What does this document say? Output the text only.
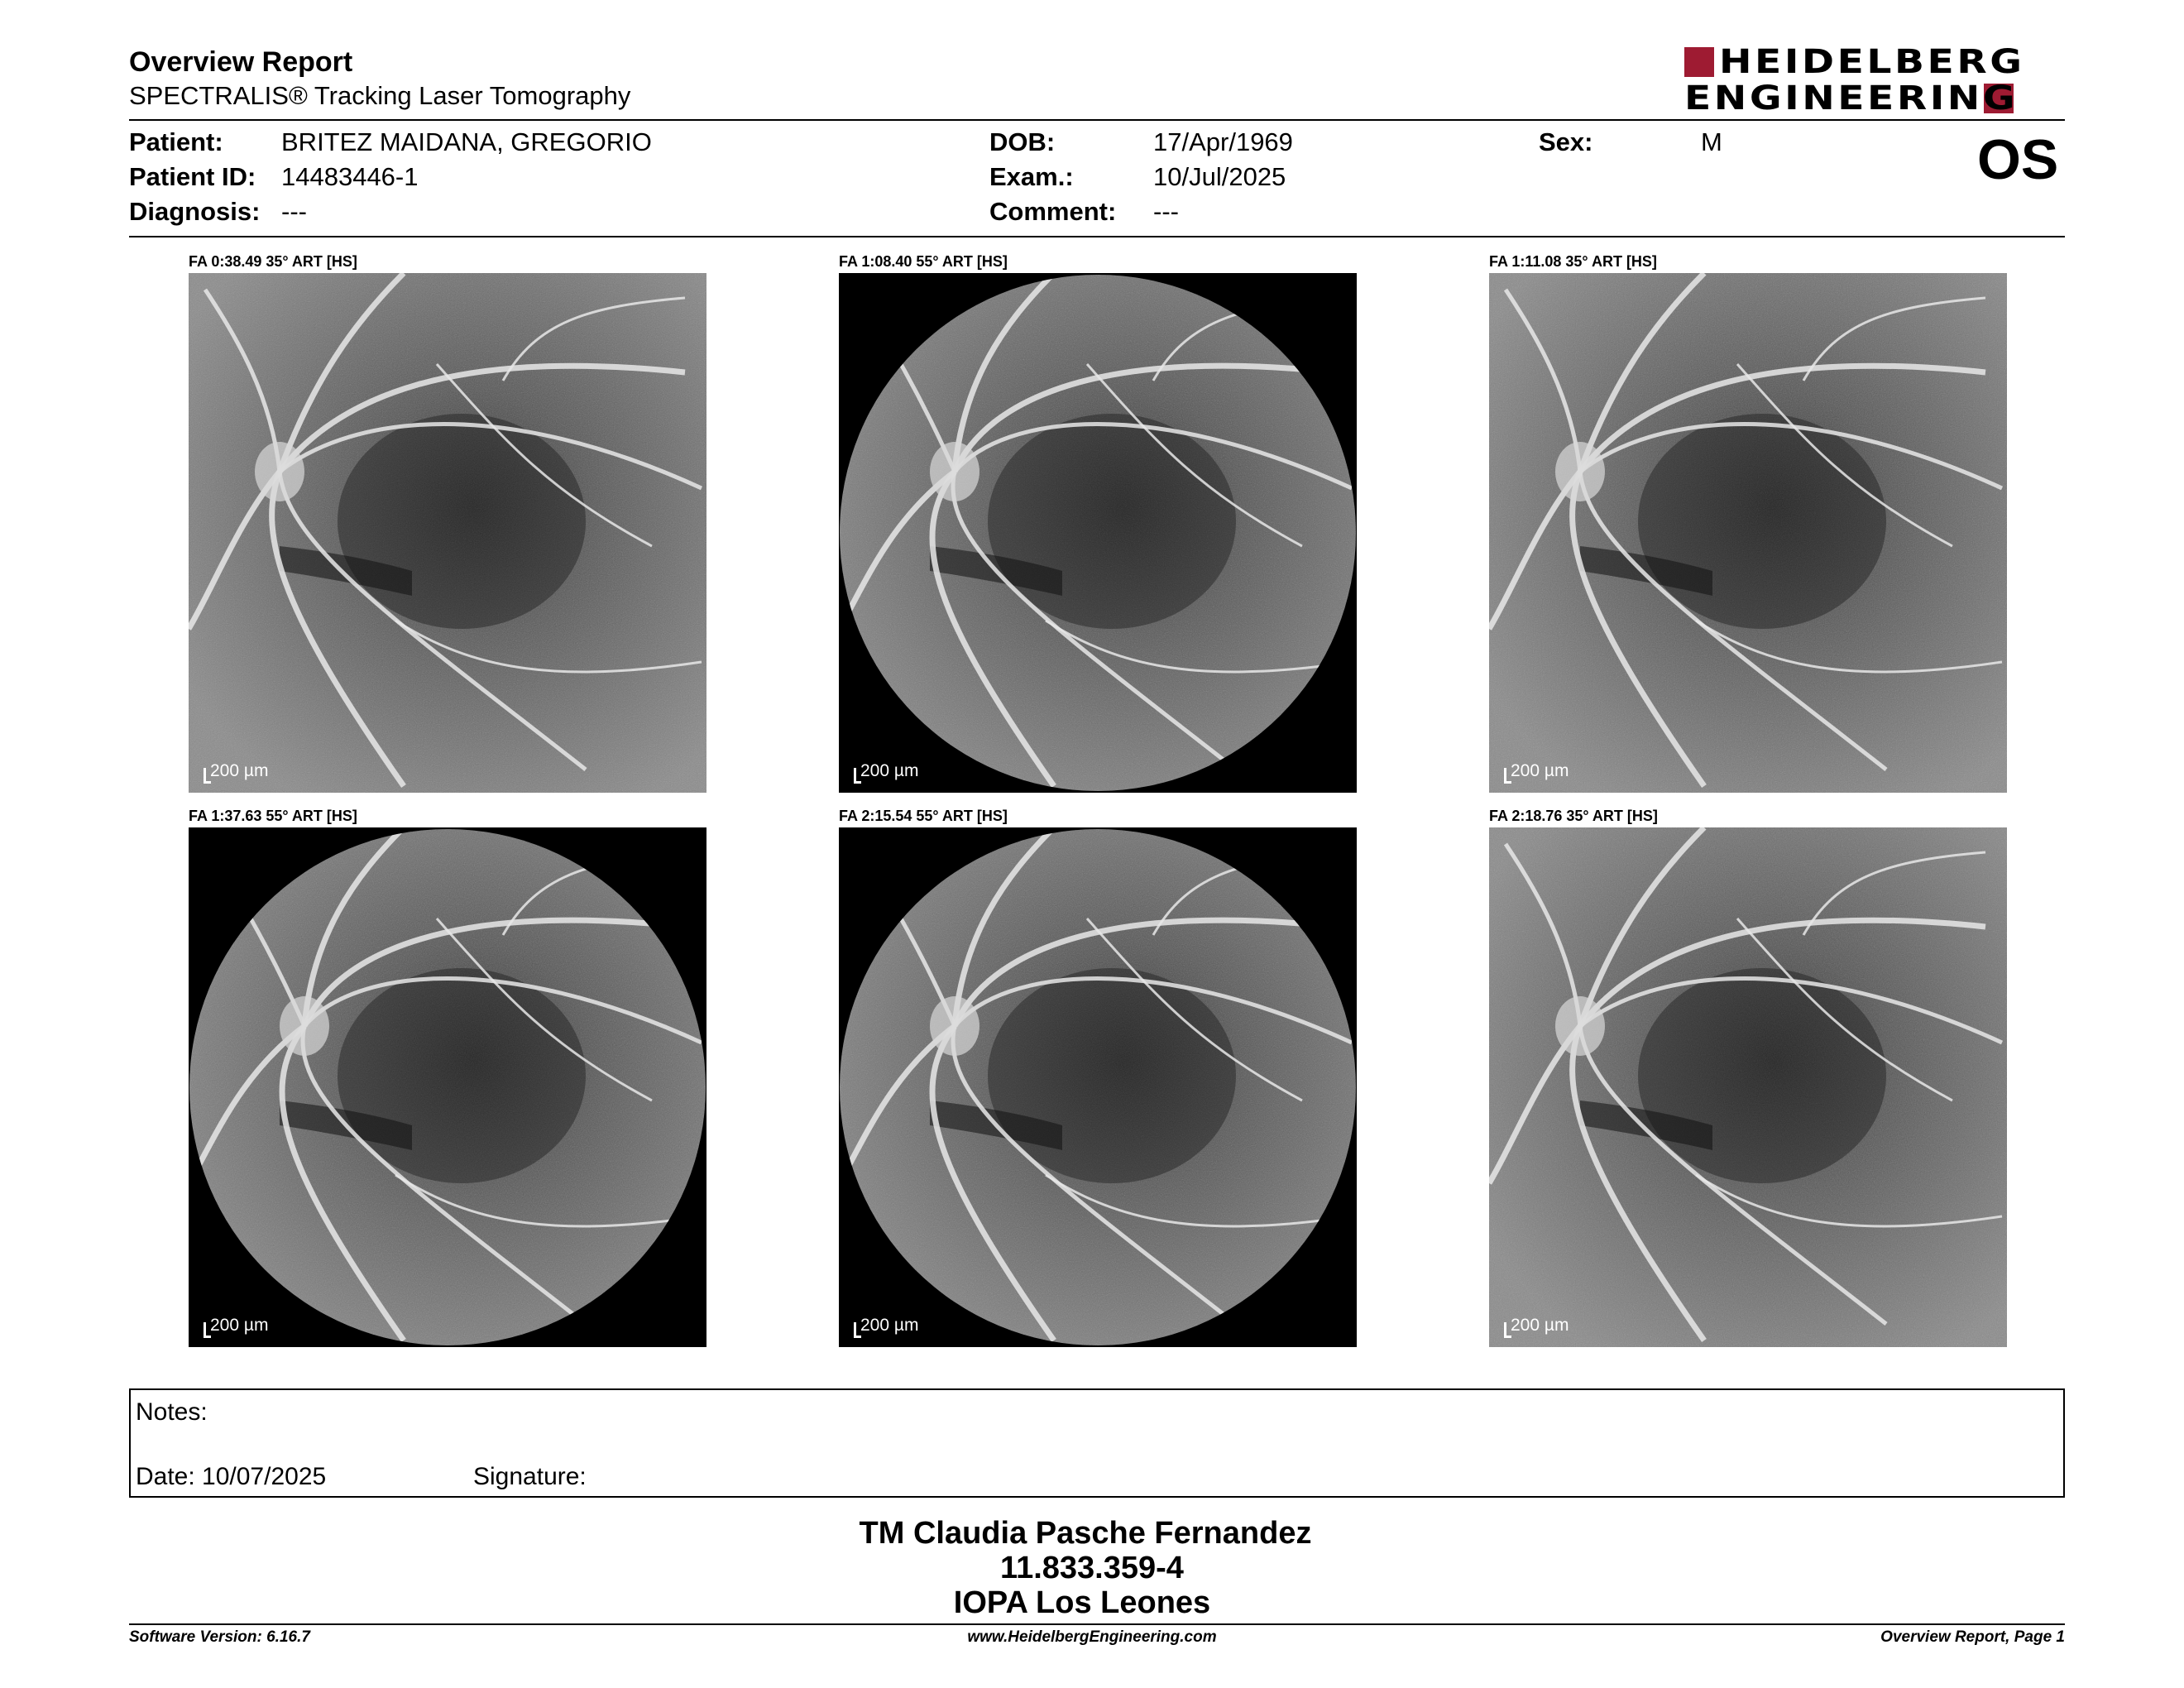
Overview Report
SPECTRALIS® Tracking Laser Tomography
HEIDELBERG
ENGINEERING
Patient: BRITEZ MAIDANA, GREGORIO
Patient ID: 14483446-1
Diagnosis: ---
DOB:	17/Apr/1969
Exam.:	10/Jul/2025
Comment: ---
Sex:	M	OS
FA 0:38.49 35° ART [HS]
200 µm
FA 1:08.40 55° ART [HS]
200 µm
FA 1:11.08 35° ART [HS]
200 µm
FA 1:37.63 55° ART [HS]
200 µm
FA 2:15.54 55° ART [HS]
200 µm
FA 2:18.76 35° ART [HS]
200 µm
Notes:
Date: 10/07/2025	Signature:
TM Claudia Pasche Fernandez
11.833.359-4
IOPA Los Leones
Software Version: 6.16.7	www.HeidelbergEngineering.com	Overview Report, Page 1
